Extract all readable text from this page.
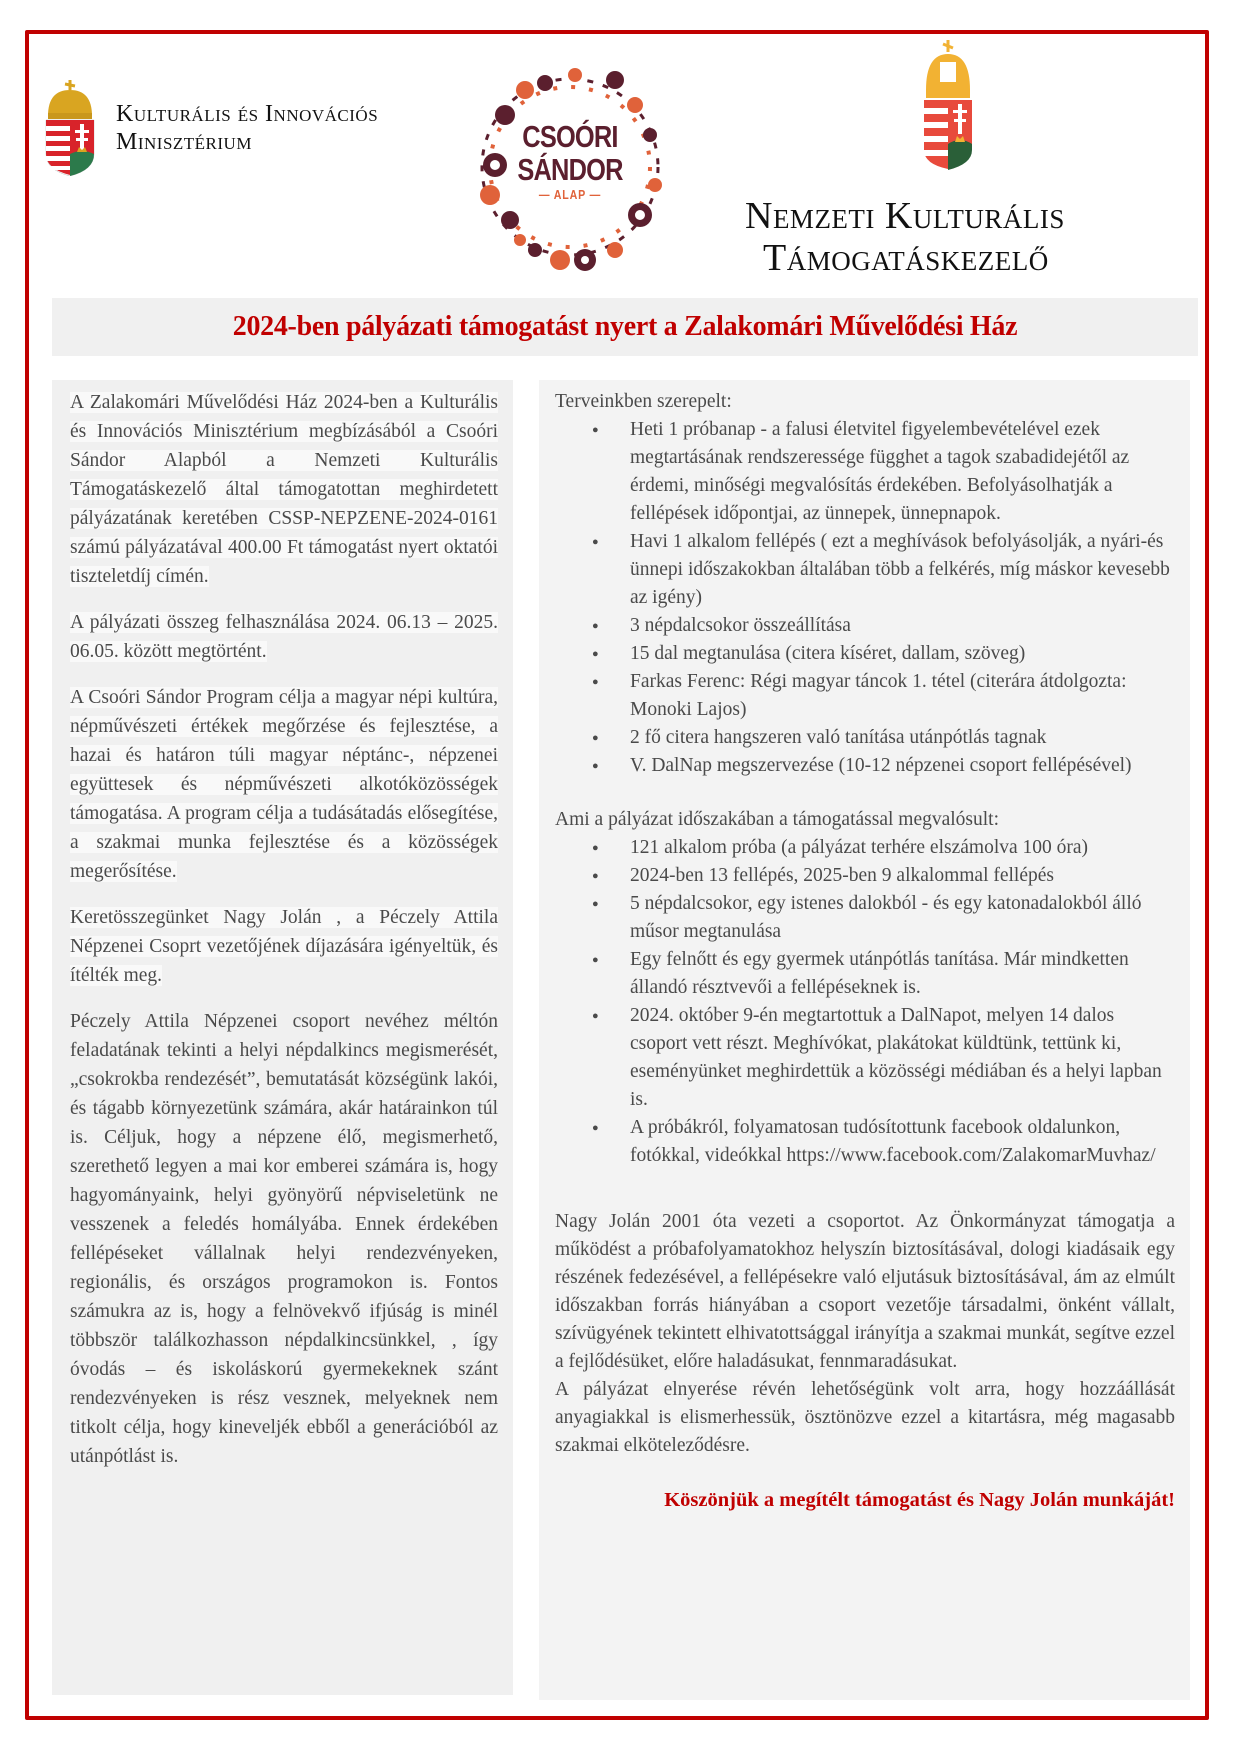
Kulturális és Innovációs
Minisztérium	CSOÓRI
SÁNDOR
— ALAP —
Nemzeti Kulturális
Támogatáskezelő
2024-ben pályázati támogatást nyert a Zalakomári Művelődési Ház

A Zalakomári Művelődési Ház 2024-ben a Kulturális és Innovációs Minisztérium megbízásából a Csoóri Sándor Alapból a Nemzeti Kulturális Támogatáskezelő által támogatottan meghirdetett pályázatának keretében CSSP-NEPZENE-2024-0161 számú pályázatával 400.00 Ft támogatást nyert oktatói tiszteletdíj címén.

A pályázati összeg felhasználása 2024. 06.13 – 2025. 06.05. között megtörtént.

A Csoóri Sándor Program célja a magyar népi kultúra, népművészeti értékek megőrzése és fejlesztése, a hazai és határon túli magyar néptánc-, népzenei együttesek és népművészeti alkotóközösségek támogatása. A program célja a tudásátadás elősegítése, a szakmai munka fejlesztése és a közösségek megerősítése.

Keretösszegünket Nagy Jolán , a Péczely Attila Népzenei Csoprt vezetőjének díjazására igényeltük, és ítélték meg.

Péczely Attila Népzenei csoport nevéhez méltón feladatának tekinti a helyi népdalkincs megismerését, „csokrokba rendezését”, bemutatását községünk lakói, és tágabb környezetünk számára, akár határainkon túl is. Céljuk, hogy a népzene élő, megismerhető, szerethető legyen a mai kor emberei számára is, hogy hagyományaink, helyi gyönyörű népviseletünk ne vesszenek a feledés homályába. Ennek érdekében fellépéseket vállalnak helyi rendezvényeken, regionális, és országos programokon is. Fontos számukra az is, hogy a felnövekvő ifjúság is minél többször találkozhasson népdalkincsünkkel, , így óvodás – és iskoláskorú gyermekeknek szánt rendezvényeken is rész vesznek, melyeknek nem titkolt célja, hogy kineveljék ebből a generációból az utánpótlást is.

Terveinkben szerepelt:

● Heti 1 próbanap - a falusi életvitel figyelembevételével ezek megtartásának rendszeressége függhet a tagok szabadidejétől az érdemi, minőségi megvalósítás érdekében. Befolyásolhatják a fellépések időpontjai, az ünnepek, ünnepnapok.
● Havi 1 alkalom fellépés ( ezt a meghívások befolyásolják, a nyári-és ünnepi időszakokban általában több a felkérés, míg máskor kevesebb az igény)
● 3 népdalcsokor összeállítása
● 15 dal megtanulása (citera kíséret, dallam, szöveg)
● Farkas Ferenc: Régi magyar táncok 1. tétel (citerára átdolgozta: Monoki Lajos)
● 2 fő citera hangszeren való tanítása utánpótlás tagnak
● V. DalNap megszervezése (10-12 népzenei csoport fellépésével)

Ami a pályázat időszakában a támogatással megvalósult:

● 121 alkalom próba (a pályázat terhére elszámolva 100 óra)
● 2024-ben 13 fellépés, 2025-ben 9 alkalommal fellépés
● 5 népdalcsokor, egy istenes dalokból - és egy katonadalokból álló műsor megtanulása
● Egy felnőtt és egy gyermek utánpótlás tanítása. Már mindketten állandó résztvevői a fellépéseknek is.
● 2024. október 9-én megtartottuk a DalNapot, melyen 14 dalos csoport vett részt. Meghívókat, plakátokat küldtünk, tettünk ki, eseményünket meghirdettük a közösségi médiában és a helyi lapban is.
● A próbákról, folyamatosan tudósítottunk facebook oldalunkon, fotókkal, videókkal https://www.facebook.com/ZalakomarMuvhaz/

Nagy Jolán 2001 óta vezeti a csoportot. Az Önkormányzat támogatja a működést a próbafolyamatokhoz helyszín biztosításával, dologi kiadásaik egy részének fedezésével, a fellépésekre való eljutásuk biztosításával, ám az elmúlt időszakban forrás hiányában a csoport vezetője társadalmi, önként vállalt, szívügyének tekintett elhivatottsággal irányítja a szakmai munkát, segítve ezzel a fejlődésüket, előre haladásukat, fennmaradásukat.

A pályázat elnyerése révén lehetőségünk volt arra, hogy hozzáállását anyagiakkal is elismerhessük, ösztönözve ezzel a kitartásra, még magasabb szakmai elköteleződésre.

Köszönjük a megítélt támogatást és Nagy Jolán munkáját!
